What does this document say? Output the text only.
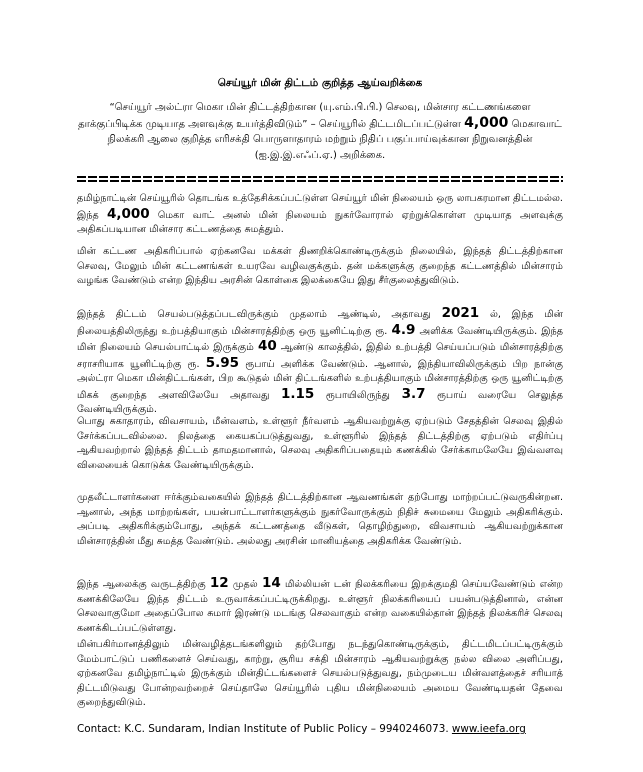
செய்யூர் மின் திட்டம் குறித்த ஆய்வறிக்கை

“செய்யூர் அல்ட்ரா மெகா மின் திட்டத்திற்கான (யு.எம்.பி.பி.) செலவு, மின்சார கட்டணங்களை தாக்குப்பிடிக்க முடியாத அளவுக்கு உயர்த்திவிடும்” – செய்யூரில் திட்டமிடப்பட்டுள்ள 4,000 மெகாவாட் நிலக்கரி ஆலை குறித்த எரிசக்தி பொருளாதாரம் மற்றும் நிதிப் பகுப்பாய்வுக்கான நிறுவனத்தின் (ஐ.இ.இ.எஃப்.ஏ.) அறிக்கை.

தமிழ்நாட்டின் செய்யூரில் தொடங்க உத்தேசிக்கப்பட்டுள்ள செய்யூர் மின் நிலையம் ஒரு லாபகரமான திட்டமல்ல. இந்த 4,000 மெகா வாட் அனல் மின் நிலையம் நுகர்வோரால் ஏற்றுக்கொள்ள முடியாத அளவுக்கு அதிகப்படியான மின்சார கட்டணத்தை சுமத்தும்.

மின் கட்டண அதிகரிப்பால் ஏற்கனவே மக்கள் திணறிக்கொண்டிருக்கும் நிலையில், இந்தத் திட்டத்திற்கான செலவு, மேலும் மின் கட்டணங்கள் உயரவே வழிவகுக்கும். தன் மக்களுக்கு குறைந்த கட்டணத்தில் மின்சாரம் வழங்க வேண்டும் என்ற இந்திய அரசின் கொள்கை இலக்கையே இது சீர்குலைத்துவிடும்.

இந்தத் திட்டம் செயல்படுத்தப்படவிருக்கும் முதலாம் ஆண்டில், அதாவது 2021 ல், இந்த மின் நிலையத்திலிருந்து உற்பத்தியாகும் மின்சாரத்திற்கு ஒரு யூனிட்டிற்கு ரூ. 4.9 அளிக்க வேண்டியிருக்கும். இந்த மின் நிலையம் செயல்பாட்டில் இருக்கும் 40 ஆண்டு காலத்தில், இதில் உற்பத்தி செய்யப்படும் மின்சாரத்திற்கு சராசரியாக யூனிட்டிற்கு ரூ. 5.95 ரூபாய் அளிக்க வேண்டும். ஆனால், இந்தியாவிலிருக்கும் பிற நான்கு அல்ட்ரா மெகா மின்திட்டங்கள், பிற கூடுதல் மின் திட்டங்களில் உற்பத்தியாகும் மின்சாரத்திற்கு ஒரு யூனிட்டிற்கு மிகக் குறைந்த அளவிலேயே அதாவது 1.15 ரூபாயிலிருந்து 3.7 ரூபாய் வரையே செலுத்த வேண்டியிருக்கும்.

பொது சுகாதாரம், விவசாயம், மீன்வளம், உள்ளூர் நீர்வளம் ஆகியவற்றுக்கு ஏற்படும் சேதத்தின் செலவு இதில் சேர்க்கப்படவில்லை. நிலத்தை கையகப்படுத்துவது, உள்ளூரில் இந்தத் திட்டத்திற்கு ஏற்படும் எதிர்ப்பு ஆகியவற்றால் இந்தத் திட்டம் தாமதமானால், செலவு அதிகரிப்பதையும் கணக்கில் சேர்க்காமலேயே இவ்வளவு விலையைக் கொடுக்க வேண்டியிருக்கும்.

முதலீட்டாளர்களை ஈர்க்கும்வகையில் இந்தத் திட்டத்திற்கான ஆவணங்கள் தற்போது மாற்றப்பட்டுவருகின்றன. ஆனால், அந்த மாற்றங்கள், பயன்பாட்டாளர்களுக்கும் நுகர்வோருக்கும் நிதிச் சுமையை மேலும் அதிகரிக்கும். அப்படி அதிகரிக்கும்போது, அந்தக் கட்டணத்தை வீடுகள், தொழிற்துறை, விவசாயம் ஆகியவற்றுக்கான மின்சாரத்தின் மீது சுமத்த வேண்டும். அல்லது அரசின் மானியத்தை அதிகரிக்க வேண்டும்.

இந்த ஆலைக்கு வருடத்திற்கு 12 முதல் 14 மில்லியன் டன் நிலக்கரியை இறக்குமதி செய்யவேண்டும் என்ற கணக்கிலேயே இந்த திட்டம் உருவாக்கப்பட்டிருக்கிறது. உள்ளூர் நிலக்கரியைப் பயன்படுத்தினால், என்ன செலவாகுமோ அதைப்போல சுமார் இரண்டு மடங்கு செலவாகும் என்ற வகையில்தான் இந்தத் நிலக்கரிச் செலவு கணக்கிடப்பட்டுள்ளது.

மின்பகிர்மானத்திலும் மின்வழித்தடங்களிலும் தற்போது நடந்துகொண்டிருக்கும், திட்டமிடப்பட்டிருக்கும் மேம்பாட்டுப் பணிகளைச் செய்வது, காற்று, சூரிய சக்தி மின்சாரம் ஆகியவற்றுக்கு நல்ல விலை அளிப்பது, ஏற்கனவே தமிழ்நாட்டில் இருக்கும் மின்திட்டங்களைச் செயல்படுத்துவது, நம்முடைய மின்வளத்தைச் சரியாத் திட்டமிடுவது போன்றவற்றைச் செய்தாலே செய்யூரில் புதிய மின்நிலையம் அமைய வேண்டியதன் தேவை குறைந்துவிடும்.

Contact: K.C. Sundaram, Indian Institute of Public Policy – 9940246073. www.ieefa.org
